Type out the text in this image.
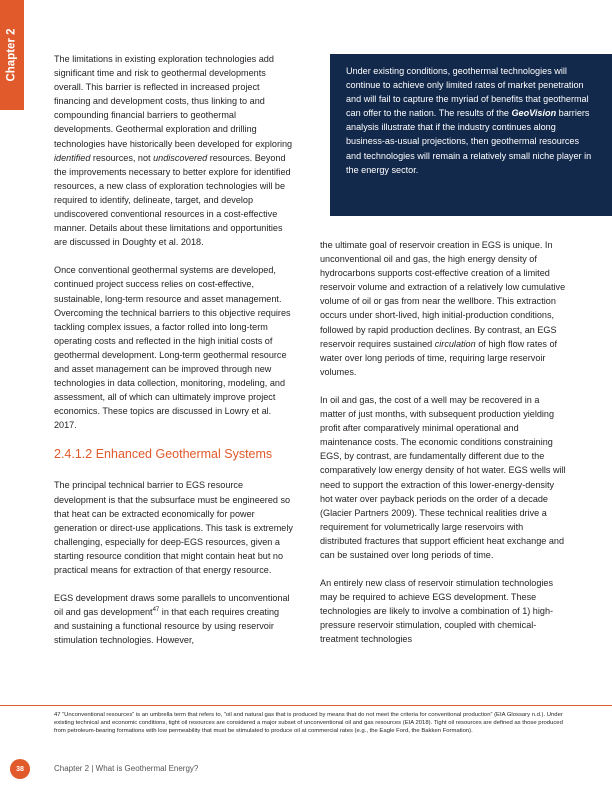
Chapter 2	The limitations in existing exploration technologies add significant time and risk to geothermal developments overall. This barrier is reflected in increased project financing and development costs, thus linking to and compounding financial barriers to geothermal developments. Geothermal exploration and drilling technologies have historically been developed for exploring identified resources, not undiscovered resources. Beyond the improvements necessary to better explore for identified resources, a new class of exploration technologies will be required to identify, delineate, target, and develop undiscovered conventional resources in a cost-effective manner. Details about these limitations and opportunities are discussed in Doughty et al. 2018.

Once conventional geothermal systems are developed, continued project success relies on cost-effective, sustainable, long-term resource and asset management. Overcoming the technical barriers to this objective requires tackling complex issues, a factor rolled into long-term operating costs and reflected in the high initial costs of geothermal development. Long-term geothermal resource and asset management can be improved through new technologies in data collection, monitoring, modeling, and assessment, all of which can ultimately improve project economics. These topics are discussed in Lowry et al. 2017.

2.4.1.2 Enhanced Geothermal Systems

The principal technical barrier to EGS resource development is that the subsurface must be engineered so that heat can be extracted economically for power generation or direct-use applications. This task is extremely challenging, especially for deep-EGS resources, given a starting resource condition that might contain heat but no practical means for extraction of that energy resource.

EGS development draws some parallels to unconventional oil and gas development$^{47}$ in that each requires creating and sustaining a functional resource by using reservoir stimulation technologies. However,

Under existing conditions, geothermal technologies will continue to achieve only limited rates of market penetration and will fail to capture the myriad of benefits that geothermal can offer to the nation. The results of the GeoVision barriers analysis illustrate that if the industry continues along business-as-usual projections, then geothermal resources and technologies will remain a relatively small niche player in the energy sector.

the ultimate goal of reservoir creation in EGS is unique. In unconventional oil and gas, the high energy density of hydrocarbons supports cost-effective creation of a limited reservoir volume and extraction of a relatively low cumulative volume of oil or gas from near the wellbore. This extraction occurs under short-lived, high initial-production conditions, followed by rapid production declines. By contrast, an EGS reservoir requires sustained circulation of high flow rates of water over long periods of time, requiring large reservoir volumes.

In oil and gas, the cost of a well may be recovered in a matter of just months, with subsequent production yielding profit after comparatively minimal operational and maintenance costs. The economic conditions constraining EGS, by contrast, are fundamentally different due to the comparatively low energy density of hot water. EGS wells will need to support the extraction of this lower-energy-density hot water over payback periods on the order of a decade (Glacier Partners 2009). These technical realities drive a requirement for volumetrically large reservoirs with distributed fractures that support efficient heat exchange and can be sustained over long periods of time.

An entirely new class of reservoir stimulation technologies may be required to achieve EGS development. These technologies are likely to involve a combination of 1) high-pressure reservoir stimulation, coupled with chemical-treatment technologies

47 “Unconventional resources” is an umbrella term that refers to, “oil and natural gas that is produced by means that do not meet the criteria for conventional production” (EIA Glossary n.d.). Under existing technical and economic conditions, tight oil resources are considered a major subset of unconventional oil and gas resources (EIA 2018). Tight oil resources are defined as those produced from petroleum-bearing formations with low permeability that must be stimulated to produce oil at commercial rates (e.g., the Eagle Ford, the Bakken Formation).
38	Chapter 2 | What is Geothermal Energy?
